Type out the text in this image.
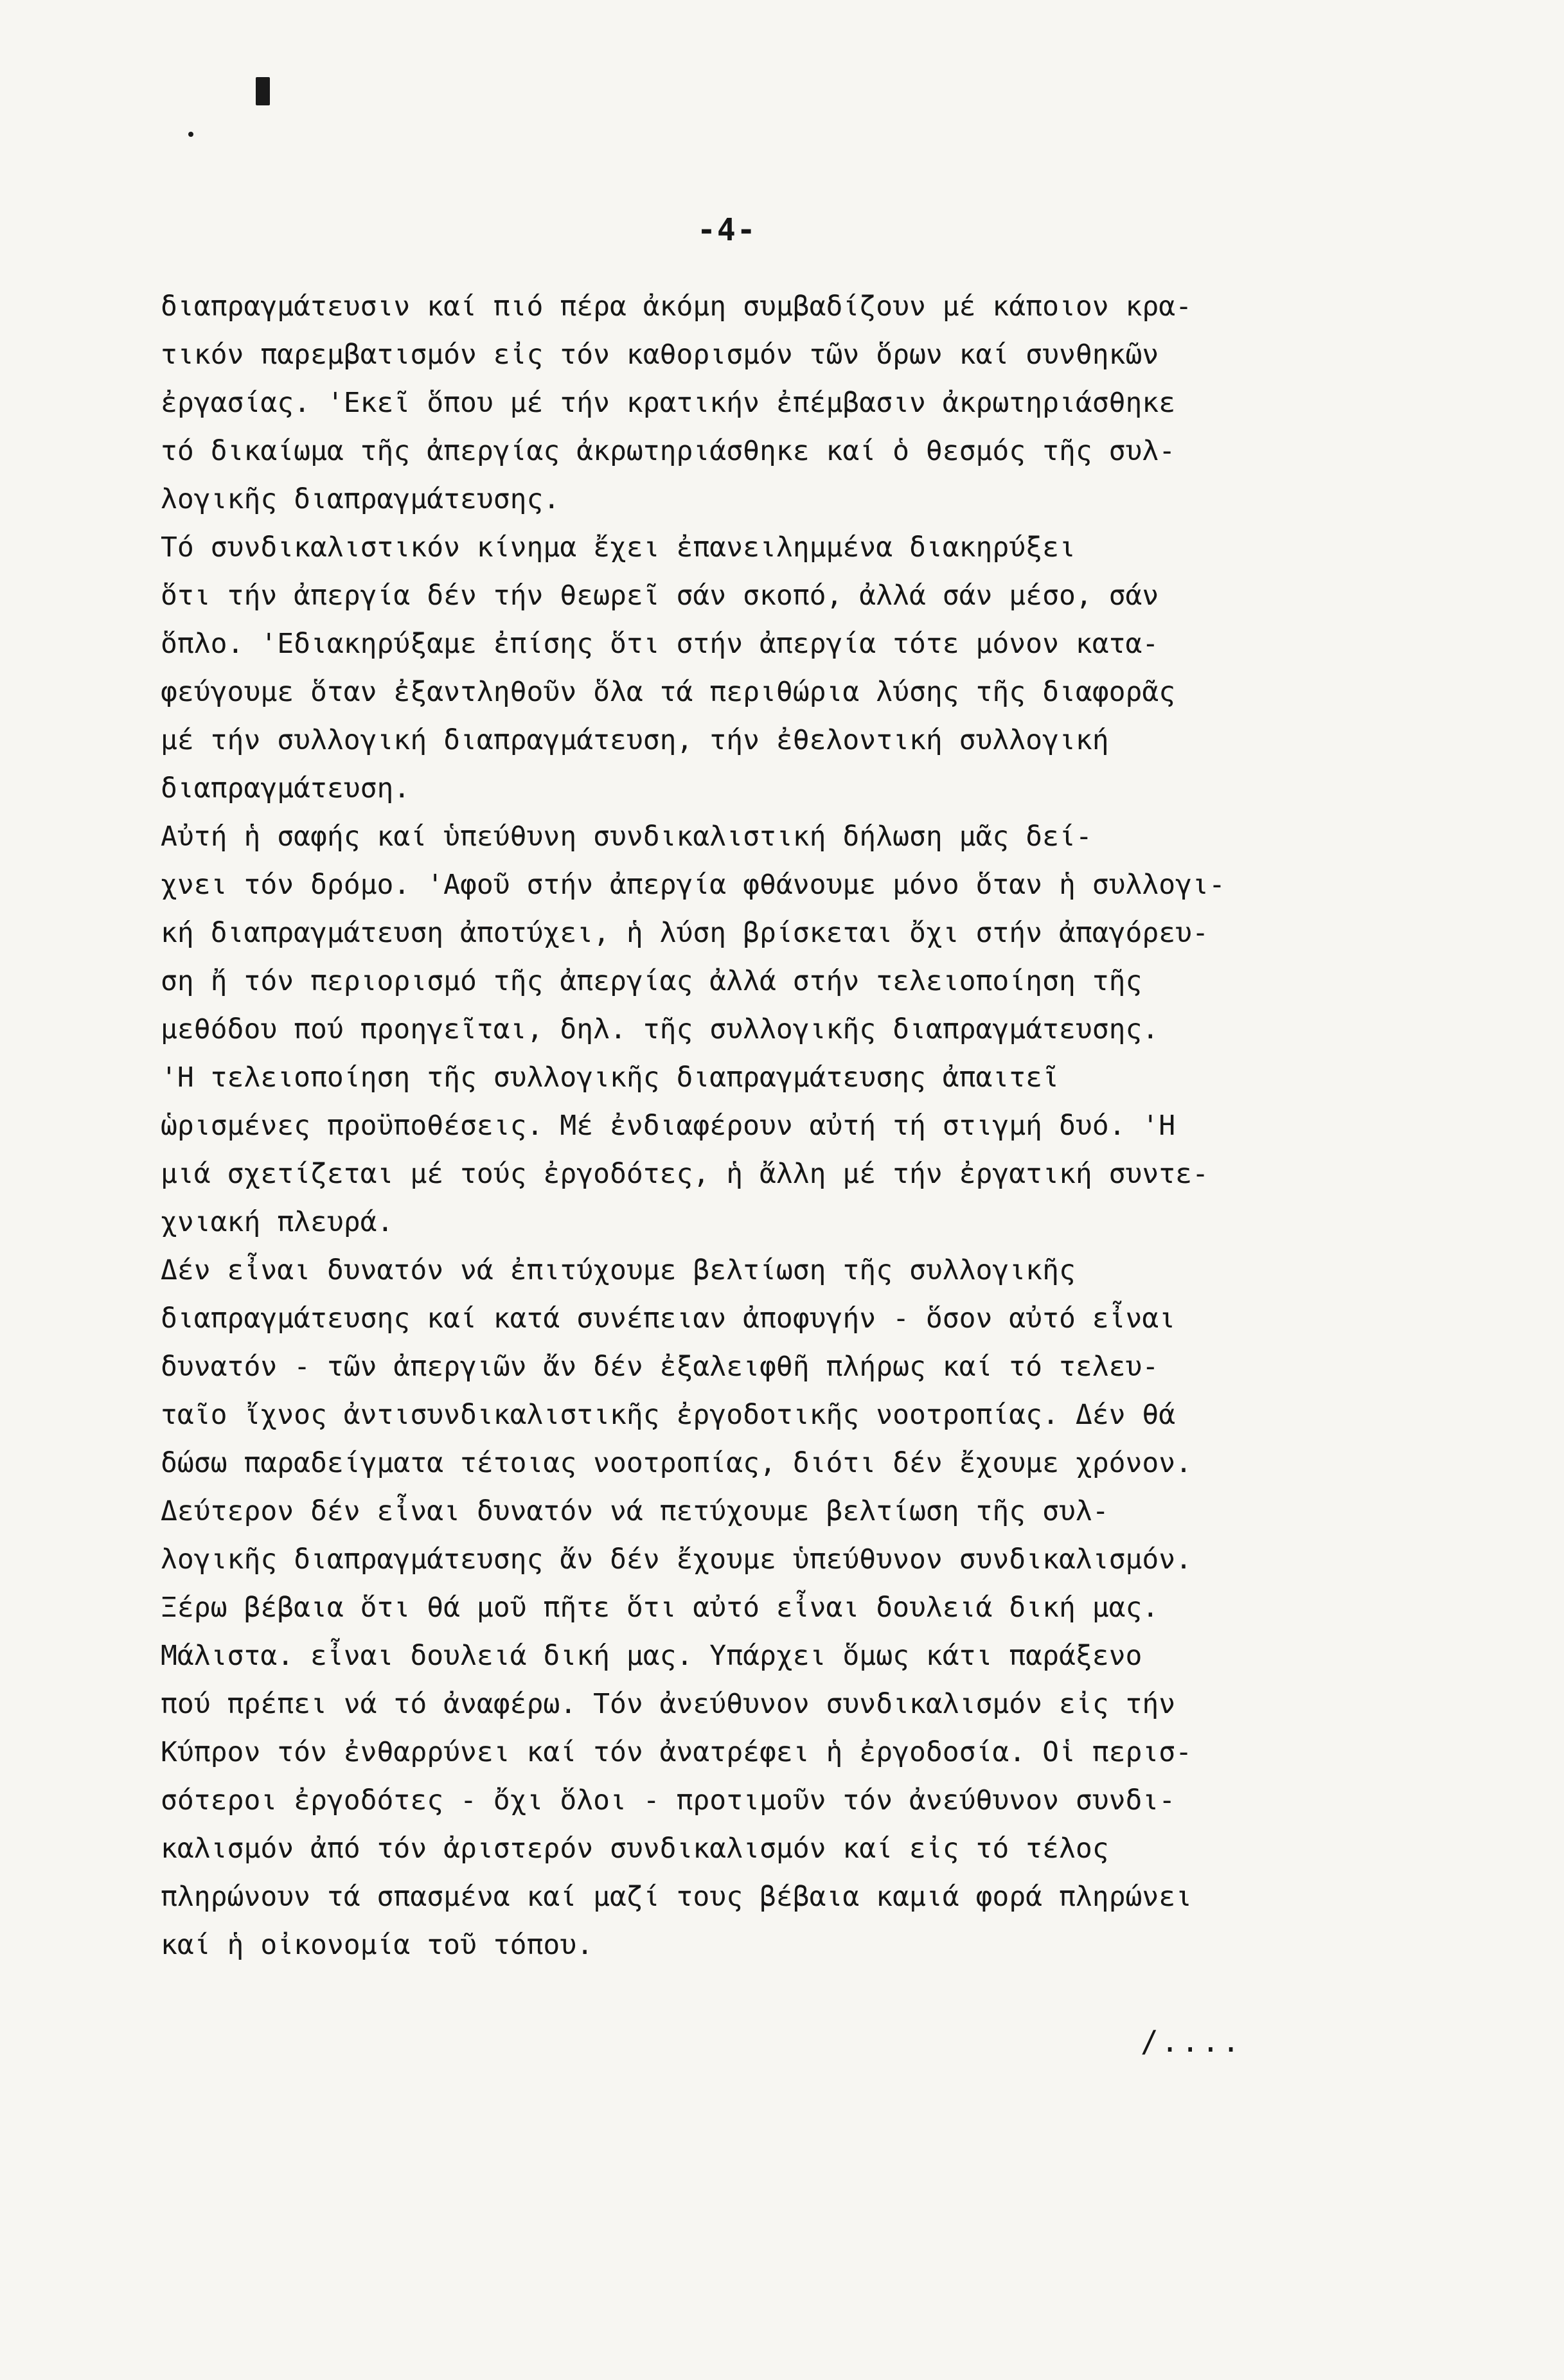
-4-
διαπραγμάτευσιν καί πιό πέρα ἀκόμη συμβαδίζουν μέ κάποιον κρα-
τικόν παρεμβατισμόν εἰς τόν καθορισμόν τῶν ὅρων καί συνθηκῶν
ἐργασίας. 'Εκεῖ ὅπου μέ τήν κρατικήν ἐπέμβασιν ἀκρωτηριάσθηκε
τό δικαίωμα τῆς ἀπεργίας ἀκρωτηριάσθηκε καί ὁ θεσμός τῆς συλ-
λογικῆς διαπραγμάτευσης.
Τό συνδικαλιστικόν κίνημα ἔχει ἐπανειλημμένα διακηρύξει
ὅτι τήν ἀπεργία δέν τήν θεωρεῖ σάν σκοπό, ἀλλά σάν μέσο, σάν
ὅπλο. 'Εδιακηρύξαμε ἐπίσης ὅτι στήν ἀπεργία τότε μόνον κατα-
φεύγουμε ὅταν ἐξαντληθοῦν ὅλα τά περιθώρια λύσης τῆς διαφορᾶς
μέ τήν συλλογική διαπραγμάτευση, τήν ἐθελοντική συλλογική
διαπραγμάτευση.
Αὐτή ἡ σαφής καί ὑπεύθυνη συνδικαλιστική δήλωση μᾶς δεί-
χνει τόν δρόμο. 'Αφοῦ στήν ἀπεργία φθάνουμε μόνο ὅταν ἡ συλλογι-
κή διαπραγμάτευση ἀποτύχει, ἡ λύση βρίσκεται ὄχι στήν ἀπαγόρευ-
ση ἤ τόν περιορισμό τῆς ἀπεργίας ἀλλά στήν τελειοποίηση τῆς
μεθόδου πού προηγεῖται, δηλ. τῆς συλλογικῆς διαπραγμάτευσης.
'Η τελειοποίηση τῆς συλλογικῆς διαπραγμάτευσης ἀπαιτεῖ
ὡρισμένες προϋποθέσεις. Μέ ἐνδιαφέρουν αὐτή τή στιγμή δυό. 'Η
μιά σχετίζεται μέ τούς ἐργοδότες, ἡ ἄλλη μέ τήν ἐργατική συντε-
χνιακή πλευρά.
Δέν εἶναι δυνατόν νά ἐπιτύχουμε βελτίωση τῆς συλλογικῆς
διαπραγμάτευσης καί κατά συνέπειαν ἀποφυγήν - ὅσον αὐτό εἶναι
δυνατόν - τῶν ἀπεργιῶν ἄν δέν ἐξαλειφθῆ πλήρως καί τό τελευ-
ταῖο ἴχνος ἀντισυνδικαλιστικῆς ἐργοδοτικῆς νοοτροπίας. Δέν θά
δώσω παραδείγματα τέτοιας νοοτροπίας, διότι δέν ἔχουμε χρόνον.
Δεύτερον δέν εἶναι δυνατόν νά πετύχουμε βελτίωση τῆς συλ-
λογικῆς διαπραγμάτευσης ἄν δέν ἔχουμε ὑπεύθυνον συνδικαλισμόν.
Ξέρω βέβαια ὅτι θά μοῦ πῆτε ὅτι αὐτό εἶναι δουλειά δική μας.
Μάλιστα. εἶναι δουλειά δική μας. Υπάρχει ὅμως κάτι παράξενο
πού πρέπει νά τό ἀναφέρω. Τόν ἀνεύθυνον συνδικαλισμόν εἰς τήν
Κύπρον τόν ἐνθαρρύνει καί τόν ἀνατρέφει ἡ ἐργοδοσία. Οἱ περισ-
σότεροι ἐργοδότες - ὄχι ὅλοι - προτιμοῦν τόν ἀνεύθυνον συνδι-
καλισμόν ἀπό τόν ἀριστερόν συνδικαλισμόν καί εἰς τό τέλος
πληρώνουν τά σπασμένα καί μαζί τους βέβαια καμιά φορά πληρώνει
καί ἡ οἰκονομία τοῦ τόπου.
/....
